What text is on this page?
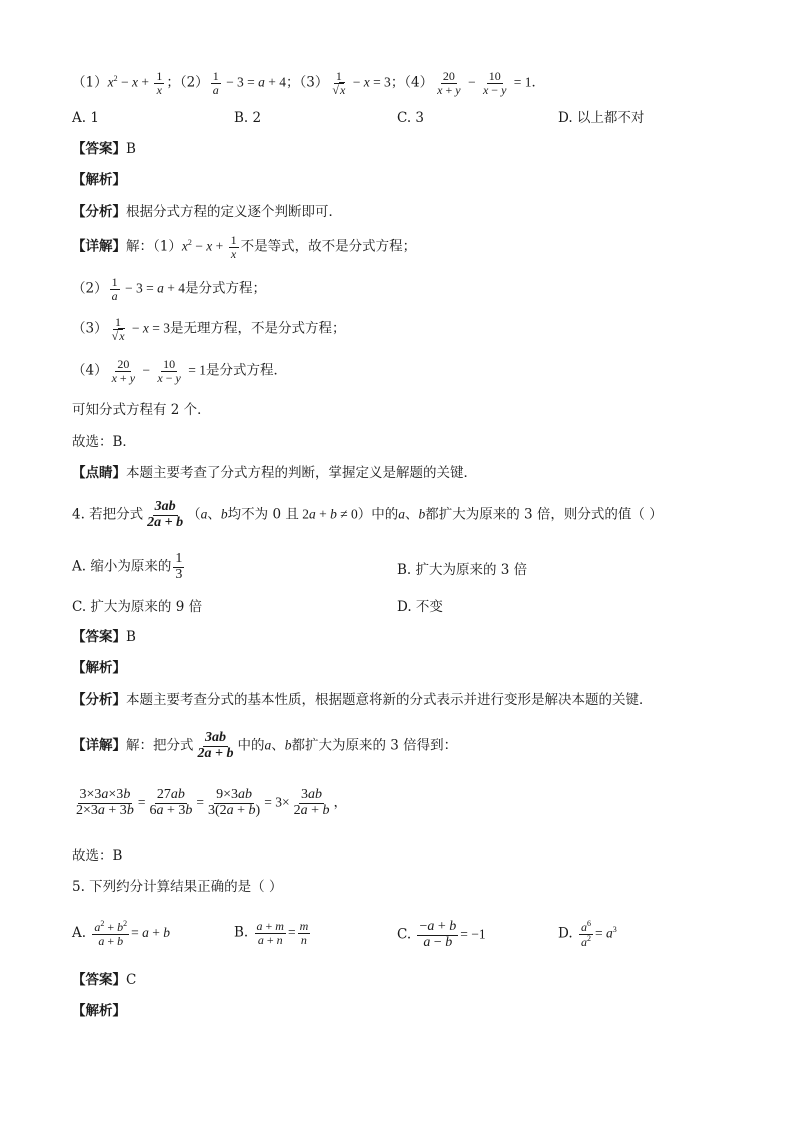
$(1)x^2 - x + \frac{1}{x}$ ；$(2) \frac{1}{a} - 3 = a + 4$；$(3) \frac{1}{√x} - x = 3$；$(4) \frac{20}{x + y} - \frac{10}{x - y} = 1$．
A. 1	B. 2	C. 3	D. 以上都不对
【答案】B
【解析】
【分析】根据分式方程的定义逐个判断即可．
【详解】解：$(1)x^2 - x + \frac{1}{x}$ 不是等式，故不是分式方程；
$(2) \frac{1}{a} - 3 = a + 4$是分式方程；
$(3) \frac{1}{√x} - x = 3$是无理方程，不是分式方程；
$(4) \frac{20}{x + y} - \frac{10}{x - y} = 1$是分式方程．
可知分式方程有 2 个．
故选：B．
【点睛】本题主要考查了分式方程的判断，掌握定义是解题的关键．
4. 若把分式 $\frac{3ab}{2a + b} (a$、b均不为 0 且 2a + b ≠ 0）中的a、b都扩大为原来的 3 倍，则分式的值（ ）
A. 缩小为原来的 $\frac{1}{3}$	B. 扩大为原来的 3 倍
C. 扩大为原来的 9 倍	D. 不变
【答案】B
【解析】
【分析】本题主要考查分式的基本性质，根据题意将新的分式表示并进行变形是解决本题的关键．
【详解】解：把分式 $\frac{3ab}{2a + b}$ 中的a、b都扩大为原来的 3 倍得到：
$\frac{3\times 3a\times 3b}{2\times 3a + 3b} = \frac{27ab}{6a + 3b} = \frac{9\times 3ab}{3(2a + b)} = 3\times \frac{3ab}{2a + b}$ ，
故选：B
5. 下列约分计算结果正确的是（ ）
A. $\frac{a^2 + b^2}{a + b} = a + b$	B. $\frac{a + m}{a + n} = \frac{m}{n}$	C. $\frac{-a + b}{a - b} = -1$	D. $\frac{a^6}{a^2} = a^3$
【答案】C
【解析】
